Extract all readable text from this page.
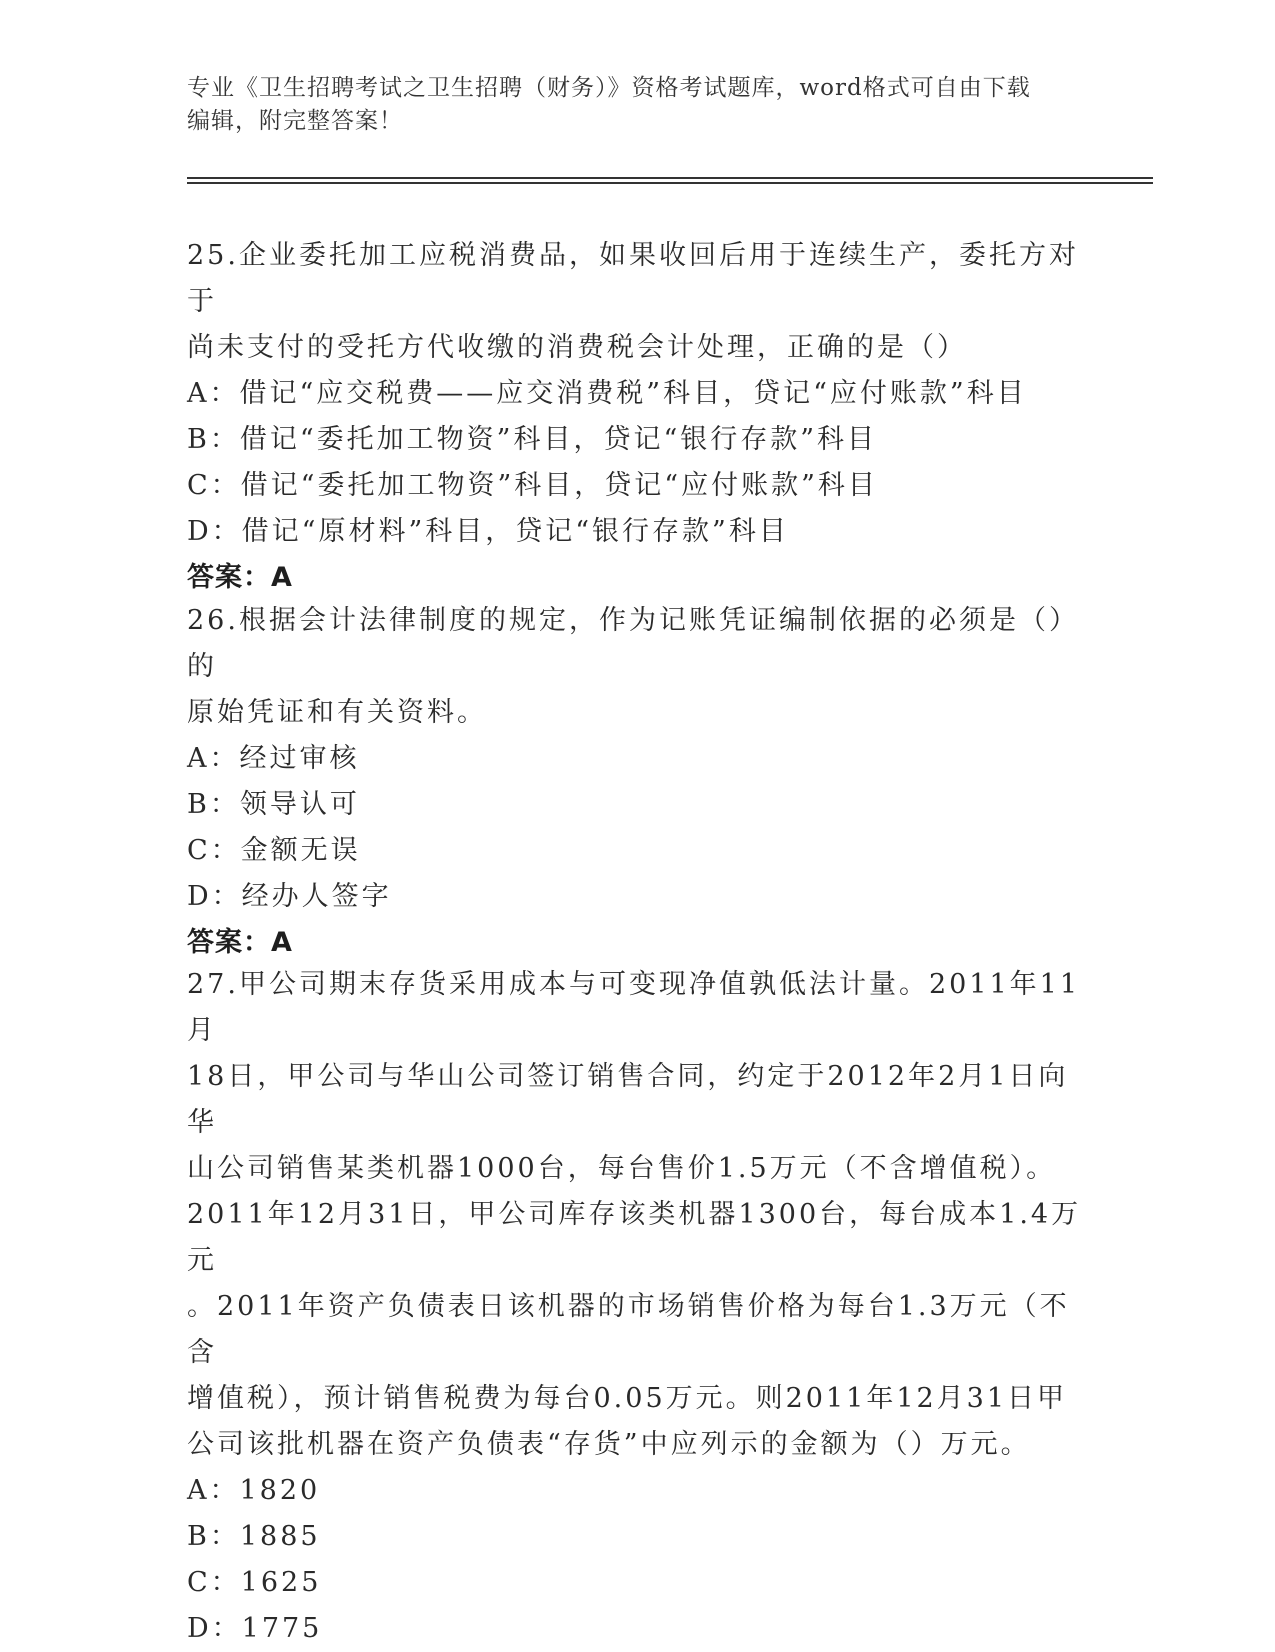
专业《卫生招聘考试之卫生招聘（财务）》资格考试题库，word格式可自由下载
编辑，附完整答案！

25.企业委托加工应税消费品，如果收回后用于连续生产，委托方对于

尚未支付的受托方代收缴的消费税会计处理，正确的是（）

A：借记“应交税费——应交消费税”科目，贷记“应付账款”科目

B：借记“委托加工物资”科目，贷记“银行存款”科目

C：借记“委托加工物资”科目，贷记“应付账款”科目

D：借记“原材料”科目，贷记“银行存款”科目

答案：A

26.根据会计法律制度的规定，作为记账凭证编制依据的必须是（）的

原始凭证和有关资料。

A：经过审核

B：领导认可

C：金额无误

D：经办人签字

答案：A

27.甲公司期末存货采用成本与可变现净值孰低法计量。2011年11月

18日，甲公司与华山公司签订销售合同，约定于2012年2月1日向华

山公司销售某类机器1000台，每台售价1.5万元（不含增值税）。

2011年12月31日，甲公司库存该类机器1300台，每台成本1.4万元

。2011年资产负债表日该机器的市场销售价格为每台1.3万元（不含

增值税），预计销售税费为每台0.05万元。则2011年12月31日甲

公司该批机器在资产负债表“存货”中应列示的金额为（）万元。

A：1820

B：1885

C：1625

D：1775
